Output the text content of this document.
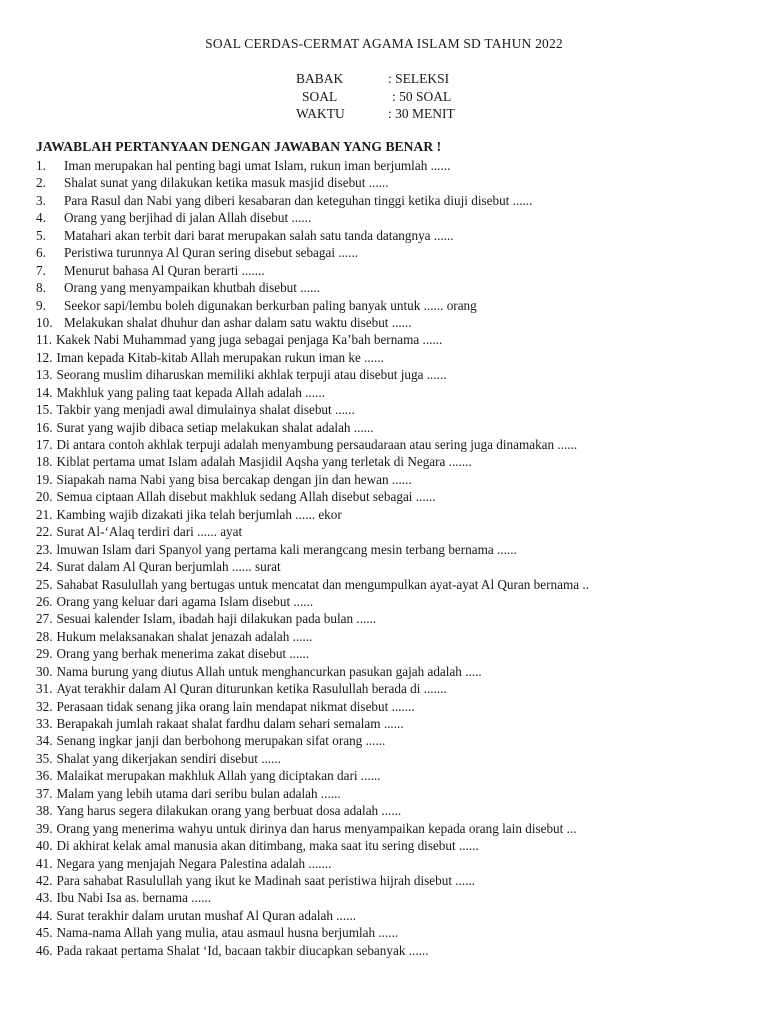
SOAL CERDAS-CERMAT AGAMA ISLAM SD TAHUN 2022
BABAK	: SELEKSI
SOAL	: 50 SOAL
WAKTU	: 30 MENIT
JAWABLAH PERTANYAAN DENGAN JAWABAN YANG BENAR !
1.	Iman merupakan hal penting bagi umat Islam, rukun iman berjumlah ......
2.	Shalat sunat yang dilakukan ketika masuk masjid disebut ......
3.	Para Rasul dan Nabi yang diberi kesabaran dan keteguhan tinggi ketika diuji disebut ......
4.	Orang yang berjihad di jalan Allah disebut ......
5.	Matahari akan terbit dari barat merupakan salah satu tanda datangnya ......
6.	Peristiwa turunnya Al Quran sering disebut sebagai ......
7.	Menurut bahasa Al Quran berarti .......
8.	Orang yang menyampaikan khutbah disebut ......
9.	Seekor sapi/lembu boleh digunakan berkurban paling banyak untuk ...... orang
10. Melakukan shalat dhuhur dan ashar dalam satu waktu disebut ......
11. Kakek Nabi Muhammad yang juga sebagai penjaga Ka’bah bernama ......
12. Iman kepada Kitab-kitab Allah merupakan rukun iman ke ......
13. Seorang muslim diharuskan memiliki akhlak terpuji atau disebut juga ......
14. Makhluk yang paling taat kepada Allah adalah ......
15. Takbir yang menjadi awal dimulainya shalat disebut ......
16. Surat yang wajib dibaca setiap melakukan shalat adalah ......
17. Di antara contoh akhlak terpuji adalah menyambung persaudaraan atau sering juga dinamakan ......
18. Kiblat pertama umat Islam adalah Masjidil Aqsha yang terletak di Negara .......
19. Siapakah nama Nabi yang bisa bercakap dengan jin dan hewan ......
20. Semua ciptaan Allah disebut makhluk sedang Allah disebut sebagai ......
21. Kambing wajib dizakati jika telah berjumlah ...... ekor
22. Surat Al-‘Alaq terdiri dari ...... ayat
23. lmuwan Islam dari Spanyol yang pertama kali merangcang mesin terbang bernama ......
24. Surat dalam Al Quran berjumlah ...... surat
25. Sahabat Rasulullah yang bertugas untuk mencatat dan mengumpulkan ayat-ayat Al Quran bernama ..
26. Orang yang keluar dari agama Islam disebut ......
27. Sesuai kalender Islam, ibadah haji dilakukan pada bulan ......
28. Hukum melaksanakan shalat jenazah adalah ......
29. Orang yang berhak menerima zakat disebut ......
30. Nama burung yang diutus Allah untuk menghancurkan pasukan gajah adalah .....
31. Ayat terakhir dalam Al Quran diturunkan ketika Rasulullah berada di .......
32. Perasaan tidak senang jika orang lain mendapat nikmat disebut .......
33. Berapakah jumlah rakaat shalat fardhu dalam sehari semalam ......
34. Senang ingkar janji dan berbohong merupakan sifat orang ......
35. Shalat yang dikerjakan sendiri disebut ......
36. Malaikat merupakan makhluk Allah yang diciptakan dari ......
37. Malam yang lebih utama dari seribu bulan adalah ......
38. Yang harus segera dilakukan orang yang berbuat dosa adalah ......
39. Orang yang menerima wahyu untuk dirinya dan harus menyampaikan kepada orang lain disebut ...
40. Di akhirat kelak amal manusia akan ditimbang, maka saat itu sering disebut ......
41. Negara yang menjajah Negara Palestina adalah .......
42. Para sahabat Rasulullah yang ikut ke Madinah saat peristiwa hijrah disebut ......
43. Ibu Nabi Isa as. bernama ......
44. Surat terakhir dalam urutan mushaf Al Quran adalah ......
45. Nama-nama Allah yang mulia, atau asmaul husna berjumlah ......
46. Pada rakaat pertama Shalat ‘Id, bacaan takbir diucapkan sebanyak ......
